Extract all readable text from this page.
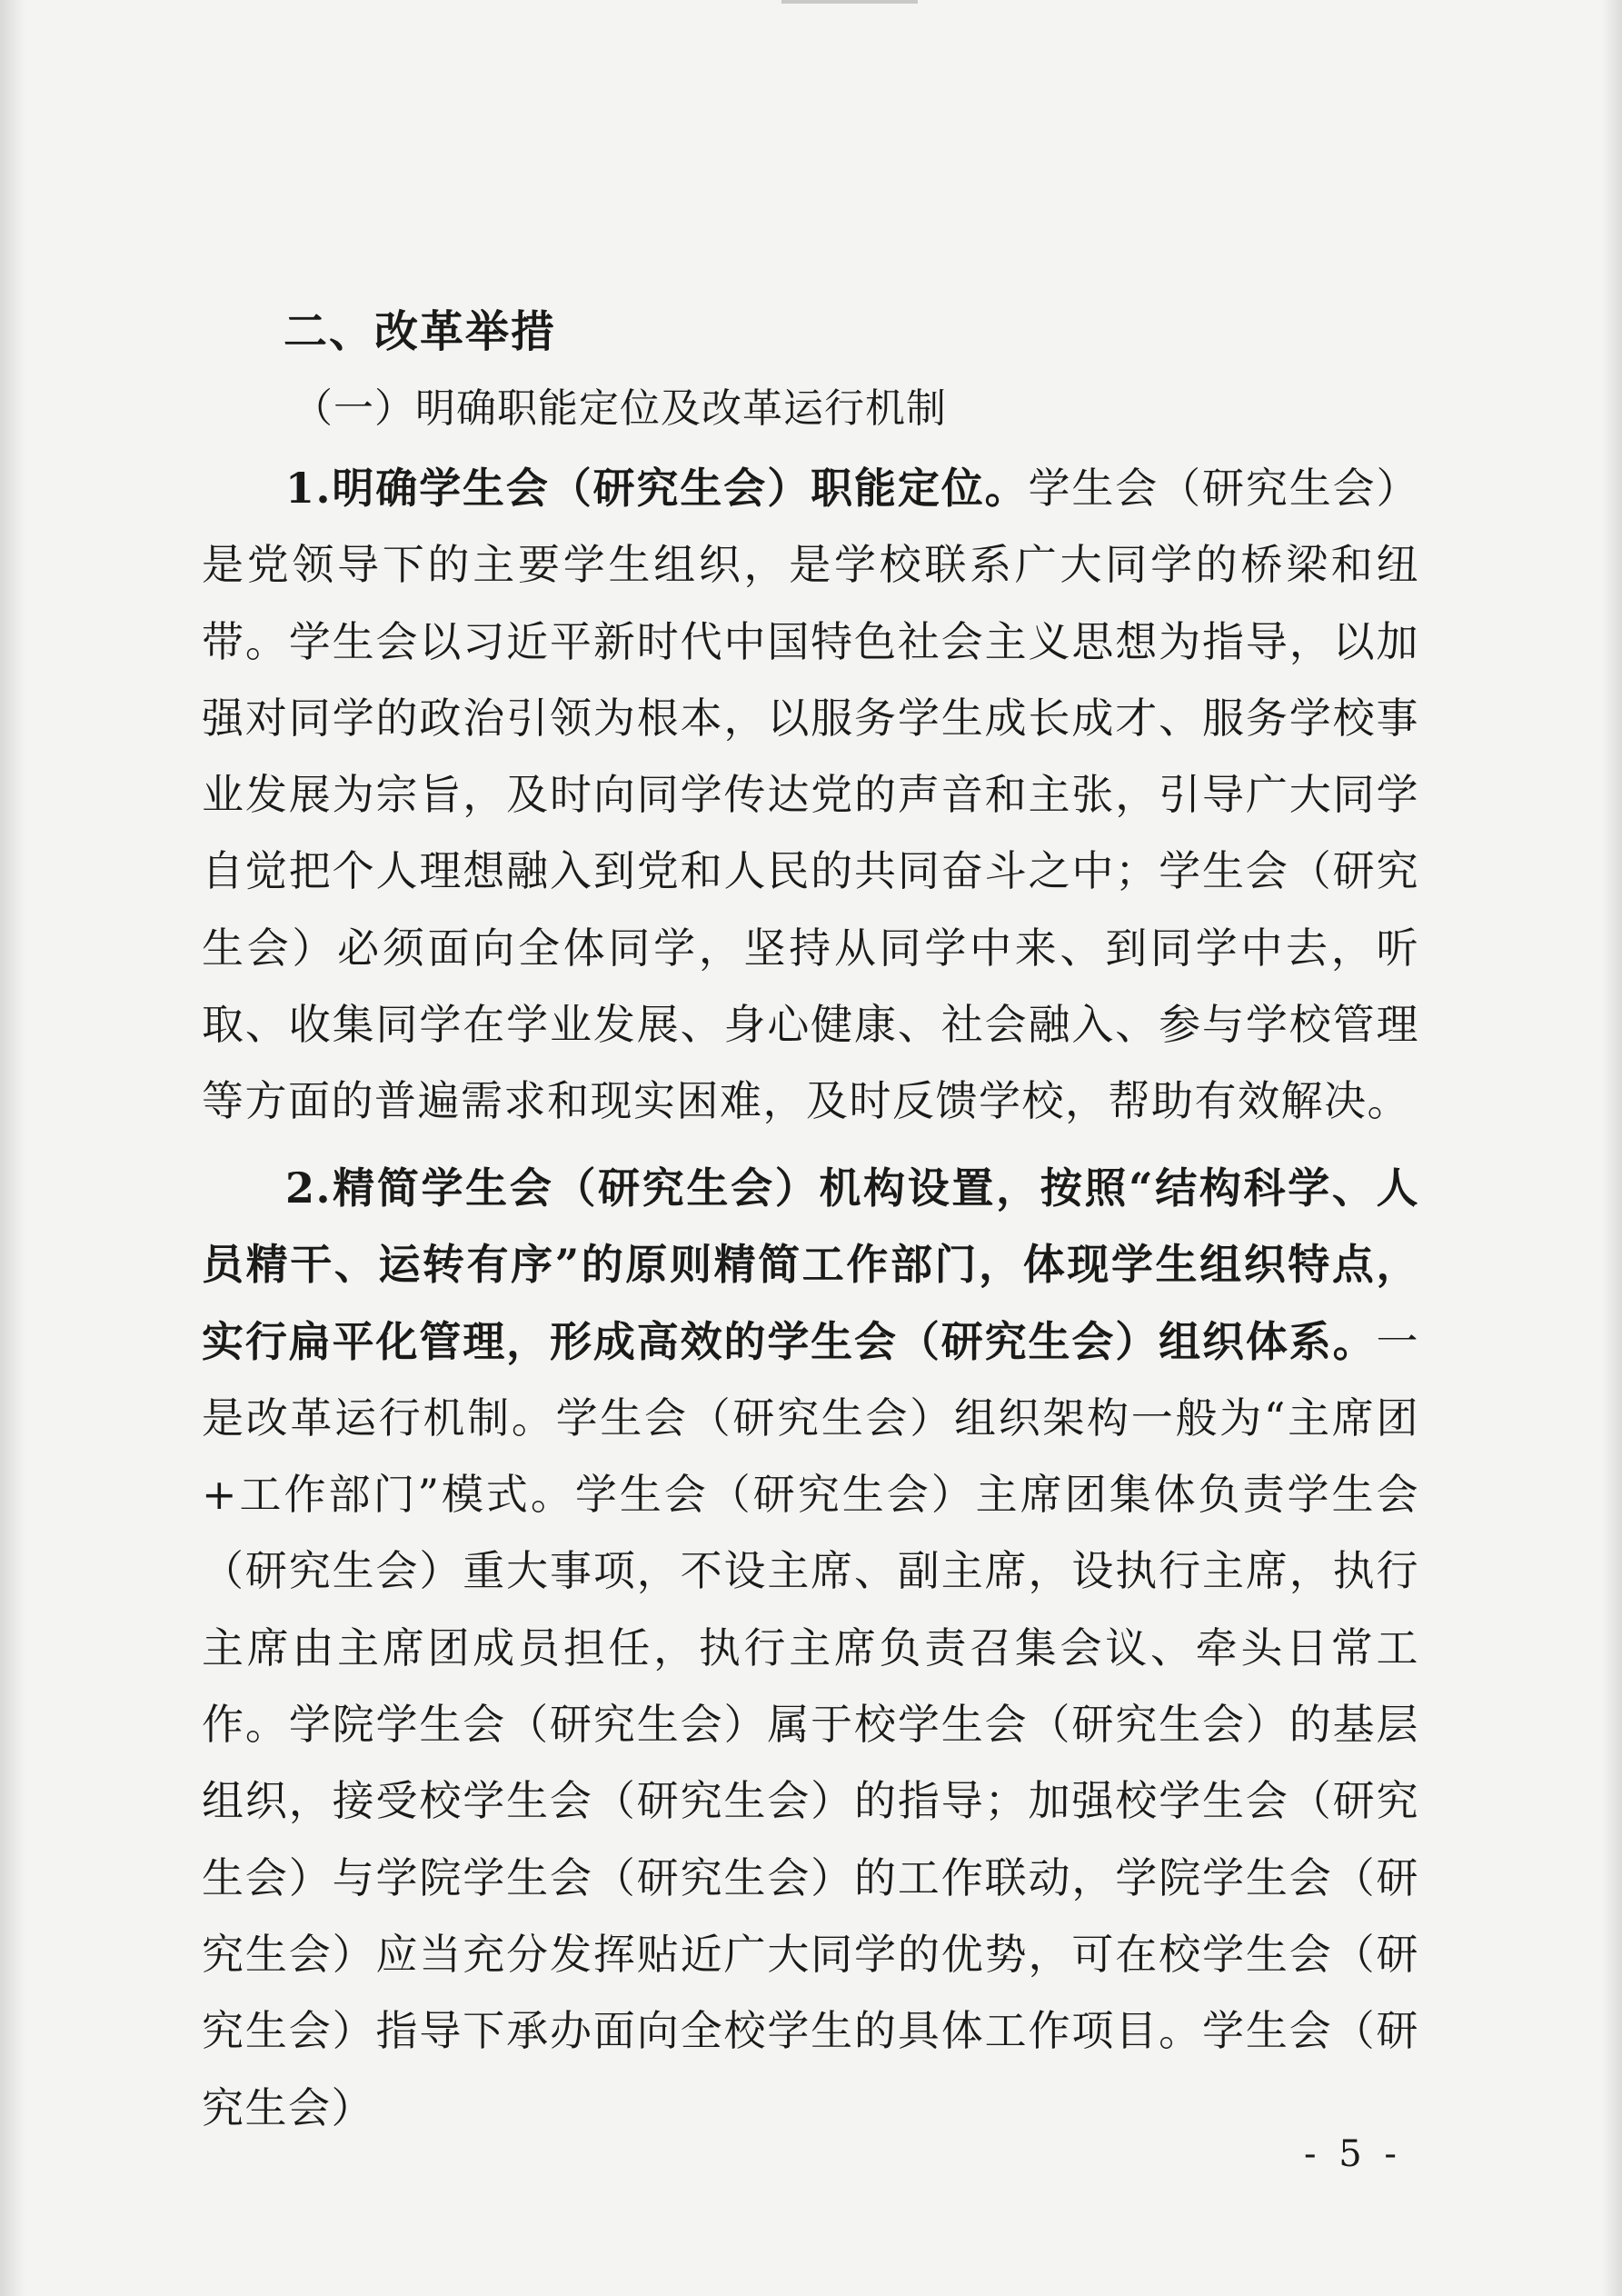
二、改革举措
（一）明确职能定位及改革运行机制
1.明确学生会（研究生会）职能定位。学生会（研究生会）是党领导下的主要学生组织，是学校联系广大同学的桥梁和纽带。学生会以习近平新时代中国特色社会主义思想为指导，以加强对同学的政治引领为根本，以服务学生成长成才、服务学校事业发展为宗旨，及时向同学传达党的声音和主张，引导广大同学自觉把个人理想融入到党和人民的共同奋斗之中；学生会（研究生会）必须面向全体同学，坚持从同学中来、到同学中去，听取、收集同学在学业发展、身心健康、社会融入、参与学校管理等方面的普遍需求和现实困难，及时反馈学校，帮助有效解决。
2.精简学生会（研究生会）机构设置，按照“结构科学、人员精干、运转有序”的原则精简工作部门，体现学生组织特点，实行扁平化管理，形成高效的学生会（研究生会）组织体系。一是改革运行机制。学生会（研究生会）组织架构一般为“主席团+工作部门”模式。学生会（研究生会）主席团集体负责学生会（研究生会）重大事项，不设主席、副主席，设执行主席，执行主席由主席团成员担任，执行主席负责召集会议、牵头日常工作。学院学生会（研究生会）属于校学生会（研究生会）的基层组织，接受校学生会（研究生会）的指导；加强校学生会（研究生会）与学院学生会（研究生会）的工作联动，学院学生会（研究生会）应当充分发挥贴近广大同学的优势，可在校学生会（研究生会）指导下承办面向全校学生的具体工作项目。学生会（研究生会）
- 5 -
